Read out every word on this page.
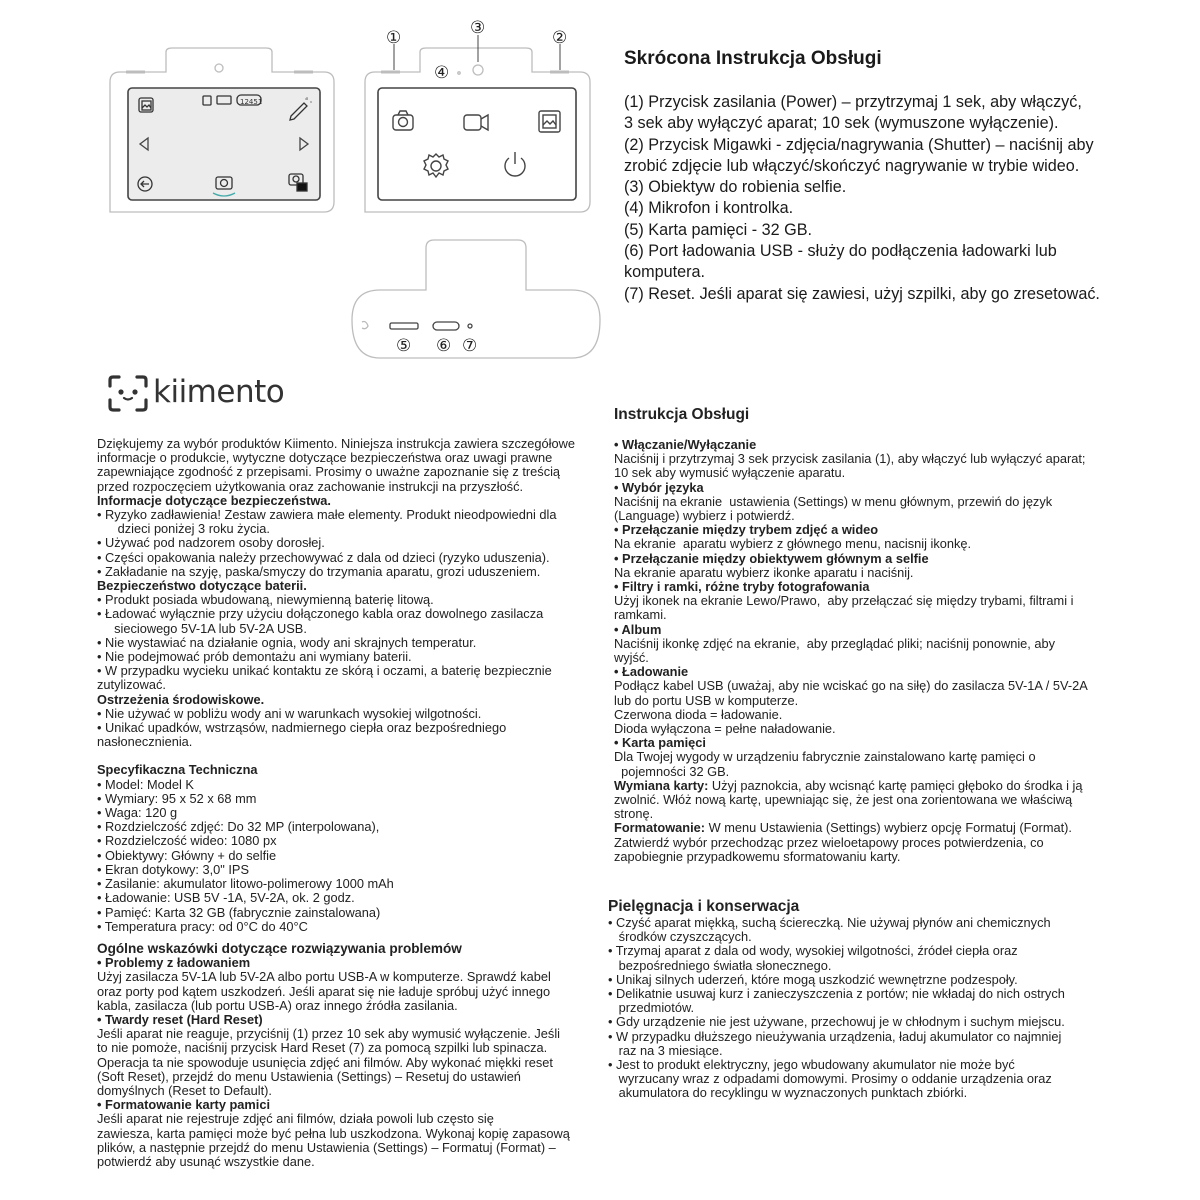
①	②
③
④
⑤ ⑥ ⑦
12451
Skrócona Instrukcja Obsługi
(1) Przycisk zasilania (Power) – przytrzymaj 1 sek, aby włączyć,
3 sek aby wyłączyć aparat; 10 sek (wymuszone wyłączenie).
(2) Przycisk Migawki - zdjęcia/nagrywania (Shutter) – naciśnij aby
zrobić zdjęcie lub włączyć/skończyć nagrywanie w trybie wideo.
(3) Obiektyw do robienia selfie.
(4) Mikrofon i kontrolka.
(5) Karta pamięci - 32 GB.
(6) Port ładowania USB - służy do podłączenia ładowarki lub
komputera.
(7) Reset. Jeśli aparat się zawiesi, użyj szpilki, aby go zresetować.
kiimento

Dziękujemy za wybór produktów Kiimento. Niniejsza instrukcja zawiera szczegółowe

informacje o produkcie, wytyczne dotyczące bezpieczeństwa oraz uwagi prawne

zapewniające zgodność z przepisami. Prosimy o uważne zapoznanie się z treścią

przed rozpoczęciem użytkowania oraz zachowanie instrukcji na przyszłość.

Informacje dotyczące bezpieczeństwa.

• Ryzyko zadławienia! Zestaw zawiera małe elementy. Produkt nieodpowiedni dla

dzieci poniżej 3 roku życia.

• Używać pod nadzorem osoby dorosłej.

• Części opakowania należy przechowywać z dala od dzieci (ryzyko uduszenia).

• Zakładanie na szyję, paska/smyczy do trzymania aparatu, grozi uduszeniem.

Bezpieczeństwo dotyczące baterii.

• Produkt posiada wbudowaną, niewymienną baterię litową.

• Ładować wyłącznie przy użyciu dołączonego kabla oraz dowolnego zasilacza

sieciowego 5V-1A lub 5V-2A USB.

• Nie wystawiać na działanie ognia, wody ani skrajnych temperatur.

• Nie podejmować prób demontażu ani wymiany baterii.

• W przypadku wycieku unikać kontaktu ze skórą i oczami, a baterię bezpiecznie

zutylizować.

Ostrzeżenia środowiskowe.

• Nie używać w pobliżu wody ani w warunkach wysokiej wilgotności.

• Unikać upadków, wstrząsów, nadmiernego ciepła oraz bezpośredniego

nasłonecznienia.

Specyfikaczna Techniczna

• Model: Model K

• Wymiary: 95 x 52 x 68 mm

• Waga: 120 g

• Rozdzielczość zdjęć: Do 32 MP (interpolowana),

• Rozdzielczość wideo: 1080 px

• Obiektywy: Główny + do selfie

• Ekran dotykowy: 3,0" IPS

• Zasilanie: akumulator litowo-polimerowy 1000 mAh

• Ładowanie: USB 5V -1A, 5V-2A, ok. 2 godz.

• Pamięć: Karta 32 GB (fabrycznie zainstalowana)

• Temperatura pracy: od 0°C do 40°C

Ogólne wskazówki dotyczące rozwiązywania problemów

• Problemy z ładowaniem

Użyj zasilacza 5V-1A lub 5V-2A albo portu USB-A w komputerze. Sprawdź kabel

oraz porty pod kątem uszkodzeń. Jeśli aparat się nie ładuje spróbuj użyć innego

kabla, zasilacza (lub portu USB-A) oraz innego źródła zasilania.

• Twardy reset (Hard Reset)

Jeśli aparat nie reaguje, przyciśnij (1) przez 10 sek aby wymusić wyłączenie. Jeśli

to nie pomoże, naciśnij przycisk Hard Reset (7) za pomocą szpilki lub spinacza.

Operacja ta nie spowoduje usunięcia zdjęć ani filmów. Aby wykonać miękki reset

(Soft Reset), przejdź do menu Ustawienia (Settings) – Resetuj do ustawień

domyślnych (Reset to Default).

• Formatowanie karty pamici

Jeśli aparat nie rejestruje zdjęć ani filmów, działa powoli lub często się

zawiesza, karta pamięci może być pełna lub uszkodzona. Wykonaj kopię zapasową

plików, a następnie przejdź do menu Ustawienia (Settings) – Formatuj (Format) –

potwierdź aby usunąć wszystkie dane.

Instrukcja Obsługi

• Włączanie/Wyłączanie

Naciśnij i przytrzymaj 3 sek przycisk zasilania (1), aby włączyć lub wyłączyć aparat;

10 sek aby wymusić wyłączenie aparatu.

• Wybór języka

Naciśnij na ekranie  ustawienia (Settings) w menu głównym, przewiń do język

(Language) wybierz i potwierdź.

• Przełączanie między trybem zdjęć a wideo

Na ekranie  aparatu wybierz z głównego menu, nacisnij ikonkę.

• Przełączanie między obiektywem głównym a selfie

Na ekranie aparatu wybierz ikonke aparatu i naciśnij.

• Filtry i ramki, różne tryby fotografowania

Użyj ikonek na ekranie Lewo/Prawo,  aby przełączać się między trybami, filtrami i

ramkami.

• Album

Naciśnij ikonkę zdjęć na ekranie,  aby przeglądać pliki; naciśnij ponownie, aby

wyjść.

• Ładowanie

Podłącz kabel USB (uważaj, aby nie wciskać go na siłę) do zasilacza 5V-1A / 5V-2A

lub do portu USB w komputerze.

Czerwona dioda = ładowanie.

Dioda wyłączona = pełne naładowanie.

• Karta pamięci

Dla Twojej wygody w urządzeniu fabrycznie zainstalowano kartę pamięci o

pojemności 32 GB.

Wymiana karty: Użyj paznokcia, aby wcisnąć kartę pamięci głęboko do środka i ją

zwolnić. Włóż nową kartę, upewniając się, że jest ona zorientowana we właściwą

stronę.

Formatowanie: W menu Ustawienia (Settings) wybierz opcję Formatuj (Format).

Zatwierdź wybór przechodząc przez wieloetapowy proces potwierdzenia, co

zapobiegnie przypadkowemu sformatowaniu karty.

Pielęgnacja i konserwacja

• Czyść aparat miękką, suchą ściereczką. Nie używaj płynów ani chemicznych

środków czyszczących.

• Trzymaj aparat z dala od wody, wysokiej wilgotności, źródeł ciepła oraz

bezpośredniego światła słonecznego.

• Unikaj silnych uderzeń, które mogą uszkodzić wewnętrzne podzespoły.

• Delikatnie usuwaj kurz i zanieczyszczenia z portów; nie wkładaj do nich ostrych

przedmiotów.

• Gdy urządzenie nie jest używane, przechowuj je w chłodnym i suchym miejscu.

• W przypadku dłuższego nieużywania urządzenia, ładuj akumulator co najmniej

raz na 3 miesiące.

• Jest to produkt elektryczny, jego wbudowany akumulator nie może być

wyrzucany wraz z odpadami domowymi. Prosimy o oddanie urządzenia oraz

akumulatora do recyklingu w wyznaczonych punktach zbiórki.
